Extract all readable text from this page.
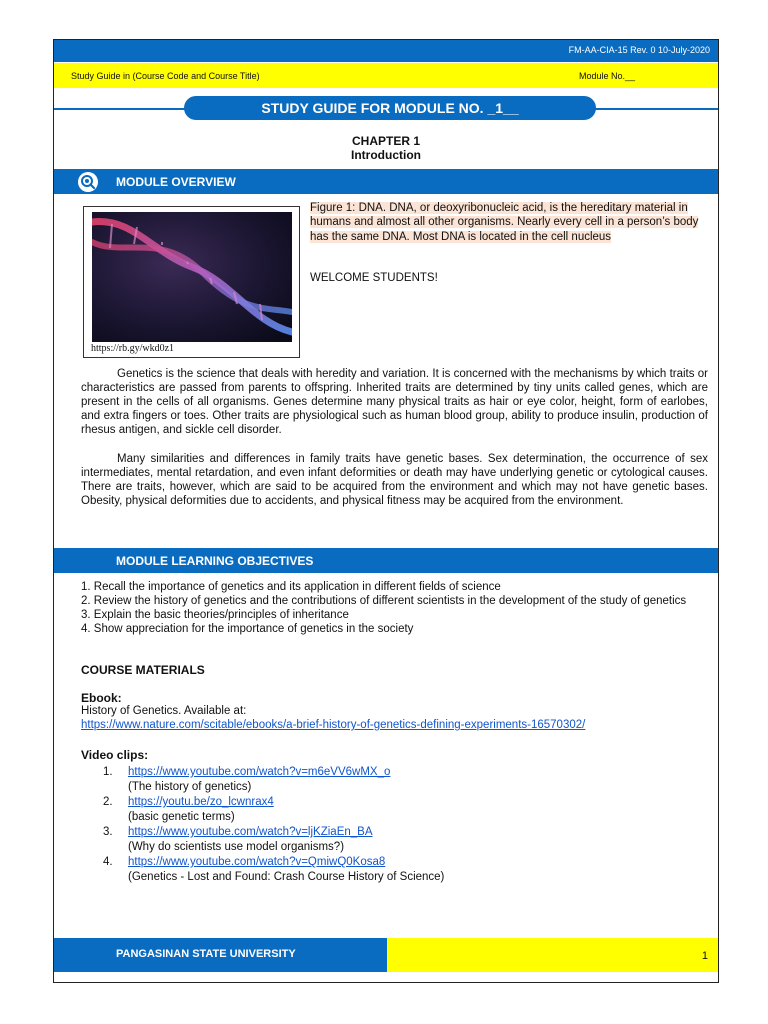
FM-AA-CIA-15 Rev. 0 10-July-2020
Study Guide in (Course Code and Course Title)	Module No.__
STUDY GUIDE FOR MODULE NO. _1__
CHAPTER 1
Introduction
MODULE OVERVIEW
https://rb.gy/wkd0z1
Figure 1: DNA. DNA, or deoxyribonucleic acid, is the hereditary material in humans and almost all other organisms. Nearly every cell in a person’s body has the same DNA. Most DNA is located in the cell nucleus
WELCOME STUDENTS!

Genetics is the science that deals with heredity and variation. It is concerned with the mechanisms by which traits or characteristics are passed from parents to offspring. Inherited traits are determined by tiny units called genes, which are present in the cells of all organisms. Genes determine many physical traits as hair or eye color, height, form of earlobes, and extra fingers or toes. Other traits are physiological such as human blood group, ability to produce insulin, production of rhesus antigen, and sickle cell disorder.

Many similarities and differences in family traits have genetic bases. Sex determination, the occurrence of sex intermediates, mental retardation, and even infant deformities or death may have underlying genetic or cytological causes. There are traits, however, which are said to be acquired from the environment and which may not have genetic bases. Obesity, physical deformities due to accidents, and physical fitness may be acquired from the environment.

MODULE LEARNING OBJECTIVES
1. Recall the importance of genetics and its application in different fields of science
2. Review the history of genetics and the contributions of different scientists in the development of the study of genetics
3. Explain the basic theories/principles of inheritance
4. Show appreciation for the importance of genetics in the society
COURSE MATERIALS
Ebook:
History of Genetics. Available at:
https://www.nature.com/scitable/ebooks/a-brief-history-of-genetics-defining-experiments-16570302/
Video clips:
1. https://www.youtube.com/watch?v=m6eVV6wMX_o
(The history of genetics)
2. https://youtu.be/zo_lcwnrax4
(basic genetic terms)
3. https://www.youtube.com/watch?v=ljKZiaEn_BA
(Why do scientists use model organisms?)
4. https://www.youtube.com/watch?v=QmiwQ0Kosa8
(Genetics - Lost and Found: Crash Course History of Science)
PANGASINAN STATE UNIVERSITY	1
